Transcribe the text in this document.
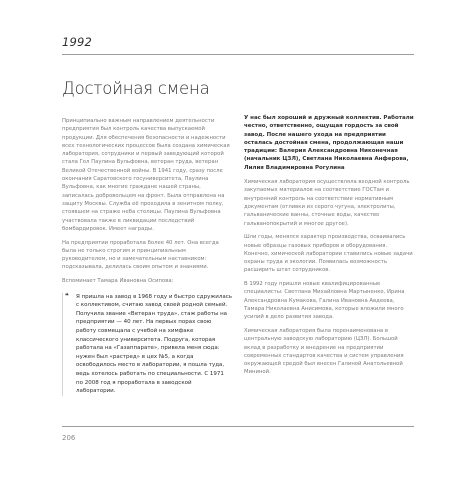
1992
Достойная смена

Принципиально важным направлением деятельности предприятия был контроль качества выпускаемой продукции. Для обеспечения безопасности и надежности всех технологических процессов была создана химическая лаборатория, сотрудники и первый заведующий которой стала Гол Паулина Вульфовна, ветеран труда, ветеран Великой Отечественной войны. В 1941 году, сразу после окончания Саратовского госуниверситета, Паулина Вульфовна, как многие граждане нашей страны, записалась добровольцем на фронт. Была отправлена на защиту Москвы. Служба её проходила в зенитном полку, стоявшем на страже неба столицы. Паулина Вульфовна участвовала также в ликвидации последствий бомбардировок. Имеет награды.

На предприятии проработала более 40 лет. Она всегда была не только строгим и принципиальным руководителем, но и замечательным наставником: подсказывала, делилась своим опытом и знаниями.

Вспоминает Тамара Ивановна Осипова:

❝	Я пришла на завод в 1968 году и быстро сдружилась с коллективом, считаю завод своей родной семьей. Получила звание «Ветеран труда», стаж работы на предприятии — 40 лет. На первых порах свою работу совмещала с учебой на химфаке классического университета. Подруга, которая работала на «Газаппарате», привела меня сюда: нужен был «растред» в цех №5, а когда освободилось место в лаборатории, я пошла туда, ведь хотелось работать по специальности. С 1971 по 2008 год я проработала в заводской лаборатории.

У нас был хороший и дружный коллектив. Работали честно, ответственно, ощущая гордость за свой завод. После нашего ухода на предприятии осталась достойная смена, продолжающая наши традиции: Валерия Александровна Никонечная (начальник ЦЗЛ), Светлана Николаевна Анферова, Лилия Владимировна Рогулина

Химическая лаборатория осуществляла входной контроль закупаемых материалов на соответствие ГОСТам и внутренний контроль на соответствие нормативным документам (отливки из серого чугуна, электролиты, гальванические ванны, сточные воды, качество гальванопокрытий и многое другое).

Шли годы, менялся характер производства, осваивались новые образцы газовых приборов и оборудования. Конечно, химической лаборатории ставились новые задачи охраны труда и экологии. Появилась возможность расширить штат сотрудников.

В 1992 году пришли новые квалифицированные специалисты: Светлана Михайловна Мартыненко, Ирина Александровна Кумакова, Галина Ивановна Авдеева, Тамара Николаевна Анисимова, которые вложили много усилий в дело развития завода.

Химическая лаборатория была перенаименована в центральную заводскую лабораторию (ЦЗЛ). Большой вклад в разработку и внедрение на предприятии современных стандартов качества и систем управления окружающей средой был внесен Галиной Анатольевной Мининой.

206
